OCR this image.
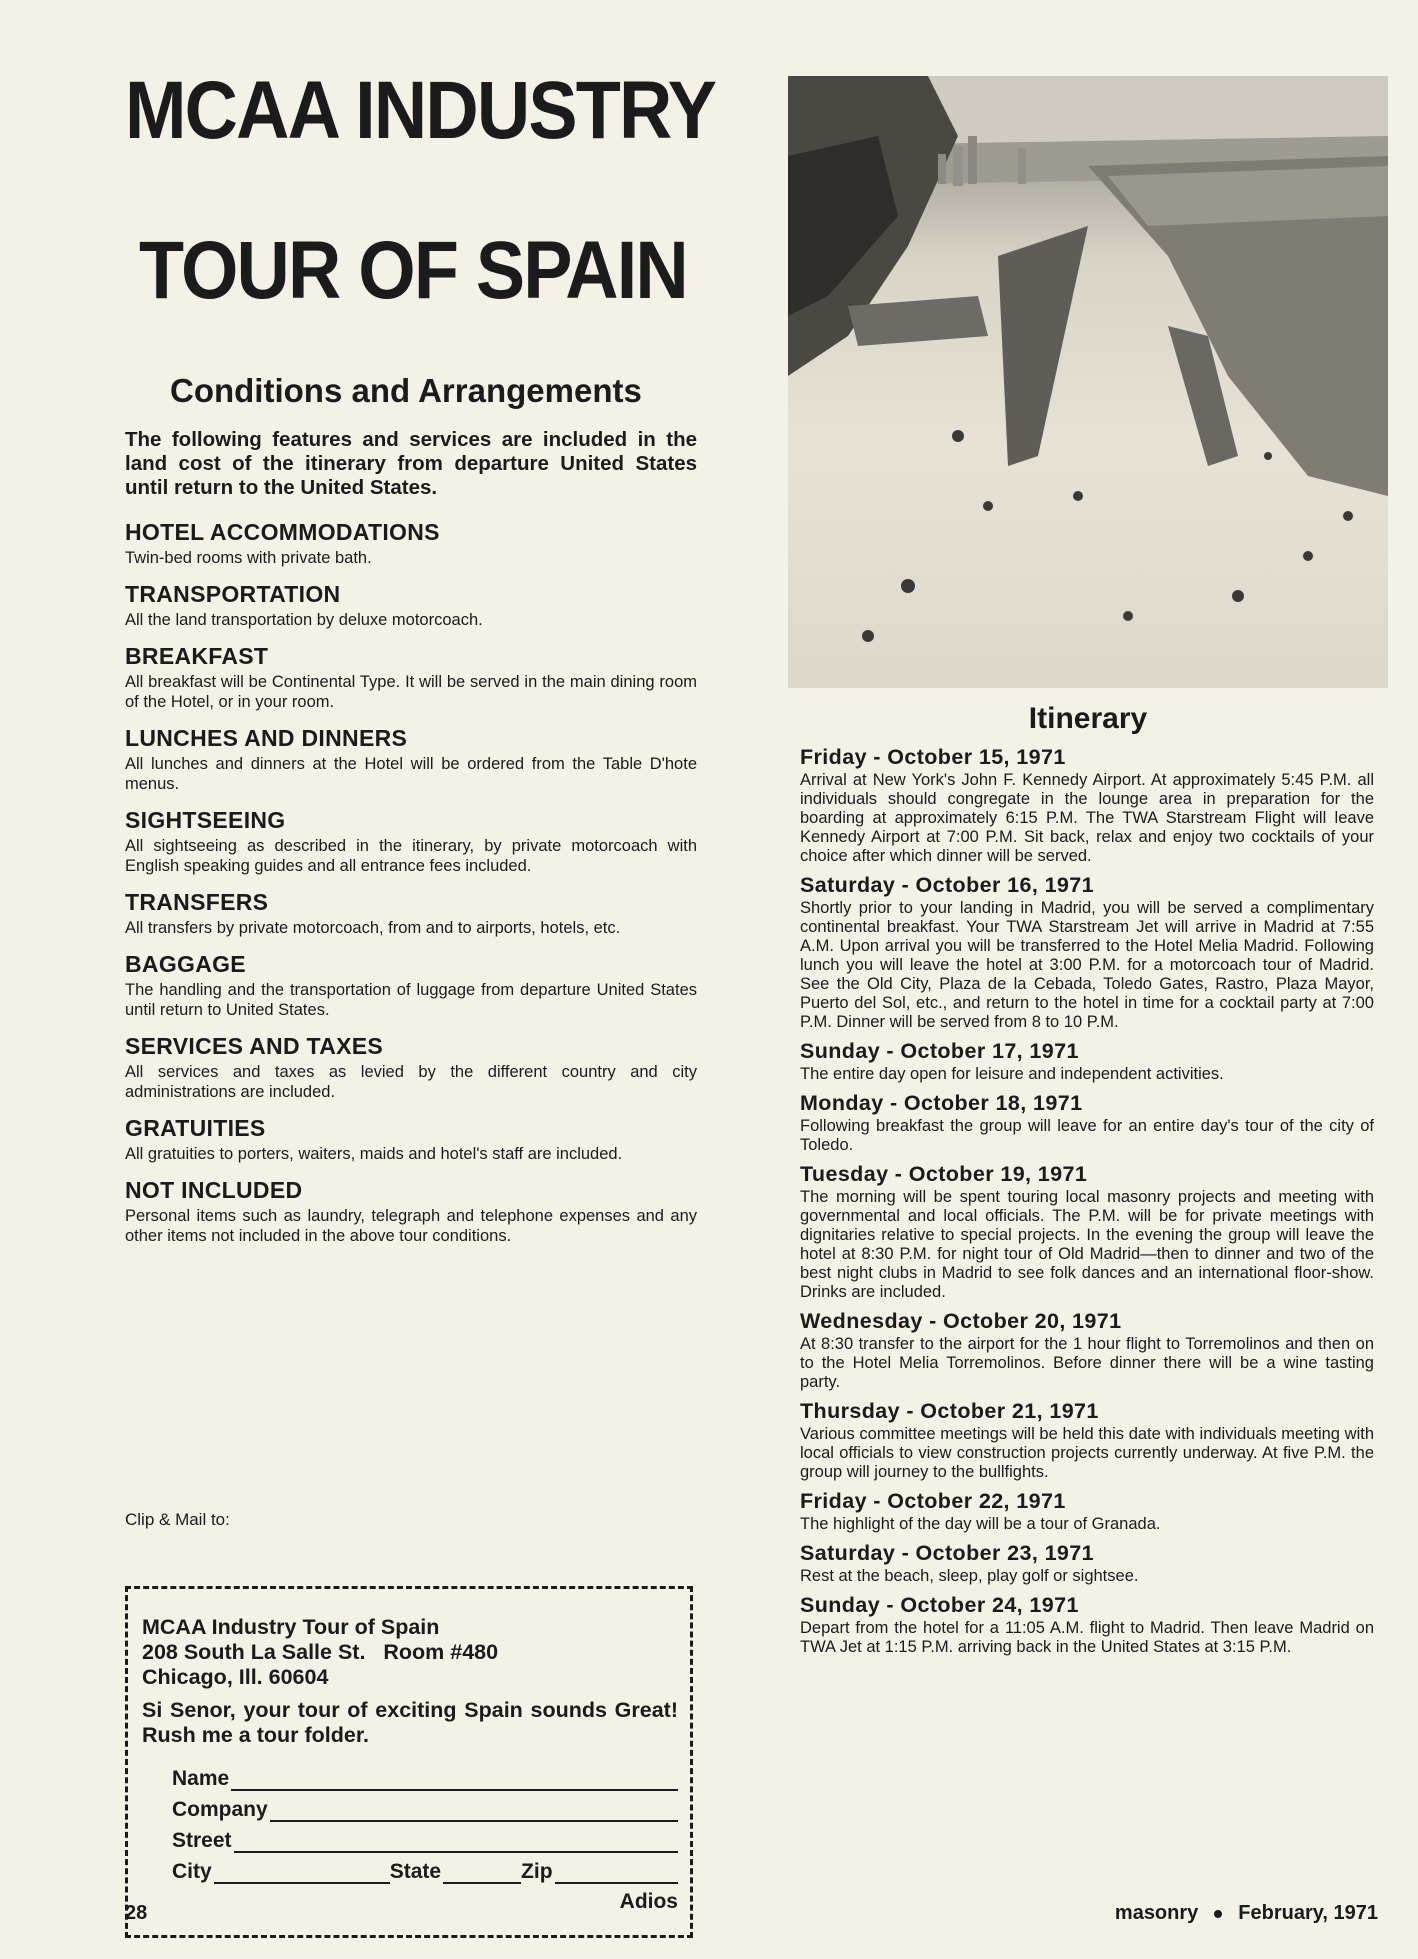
MCAA INDUSTRY
TOUR OF SPAIN
Conditions and Arrangements
The following features and services are included in the land cost of the itinerary from departure United States until return to the United States.
HOTEL ACCOMMODATIONS

Twin-bed rooms with private bath.

TRANSPORTATION

All the land transportation by deluxe motorcoach.

BREAKFAST

All breakfast will be Continental Type. It will be served in the main dining room of the Hotel, or in your room.

LUNCHES AND DINNERS

All lunches and dinners at the Hotel will be ordered from the Table D'hote menus.

SIGHTSEEING

All sightseeing as described in the itinerary, by private motorcoach with English speaking guides and all entrance fees included.

TRANSFERS

All transfers by private motorcoach, from and to airports, hotels, etc.

BAGGAGE

The handling and the transportation of luggage from departure United States until return to United States.

SERVICES AND TAXES

All services and taxes as levied by the different country and city administrations are included.

GRATUITIES

All gratuities to porters, waiters, maids and hotel's staff are included.

NOT INCLUDED

Personal items such as laundry, telegraph and telephone expenses and any other items not included in the above tour conditions.

Clip & Mail to:
MCAA Industry Tour of Spain
208 South La Salle St.   Room #480
Chicago, Ill. 60604
Si Senor, your tour of exciting Spain sounds Great! Rush me a tour folder.
Name
Company
Street
City	State	Zip
Adios
Itinerary
Friday - October 15, 1971

Arrival at New York's John F. Kennedy Airport. At approximately 5:45 P.M. all individuals should congregate in the lounge area in preparation for the boarding at approximately 6:15 P.M. The TWA Starstream Flight will leave Kennedy Airport at 7:00 P.M. Sit back, relax and enjoy two cocktails of your choice after which dinner will be served.

Saturday - October 16, 1971

Shortly prior to your landing in Madrid, you will be served a complimentary continental breakfast. Your TWA Starstream Jet will arrive in Madrid at 7:55 A.M. Upon arrival you will be transferred to the Hotel Melia Madrid. Following lunch you will leave the hotel at 3:00 P.M. for a motorcoach tour of Madrid. See the Old City, Plaza de la Cebada, Toledo Gates, Rastro, Plaza Mayor, Puerto del Sol, etc., and return to the hotel in time for a cocktail party at 7:00 P.M. Dinner will be served from 8 to 10 P.M.

Sunday - October 17, 1971

The entire day open for leisure and independent activities.

Monday - October 18, 1971

Following breakfast the group will leave for an entire day's tour of the city of Toledo.

Tuesday - October 19, 1971

The morning will be spent touring local masonry projects and meeting with governmental and local officials. The P.M. will be for private meetings with dignitaries relative to special projects. In the evening the group will leave the hotel at 8:30 P.M. for night tour of Old Madrid—then to dinner and two of the best night clubs in Madrid to see folk dances and an international floor-show. Drinks are included.

Wednesday - October 20, 1971

At 8:30 transfer to the airport for the 1 hour flight to Torremolinos and then on to the Hotel Melia Torremolinos. Before dinner there will be a wine tasting party.

Thursday - October 21, 1971

Various committee meetings will be held this date with individuals meeting with local officials to view construction projects currently underway. At five P.M. the group will journey to the bullfights.

Friday - October 22, 1971

The highlight of the day will be a tour of Granada.

Saturday - October 23, 1971

Rest at the beach, sleep, play golf or sightsee.

Sunday - October 24, 1971

Depart from the hotel for a 11:05 A.M. flight to Madrid. Then leave Madrid on TWA Jet at 1:15 P.M. arriving back in the United States at 3:15 P.M.

28	masonry February, 1971
